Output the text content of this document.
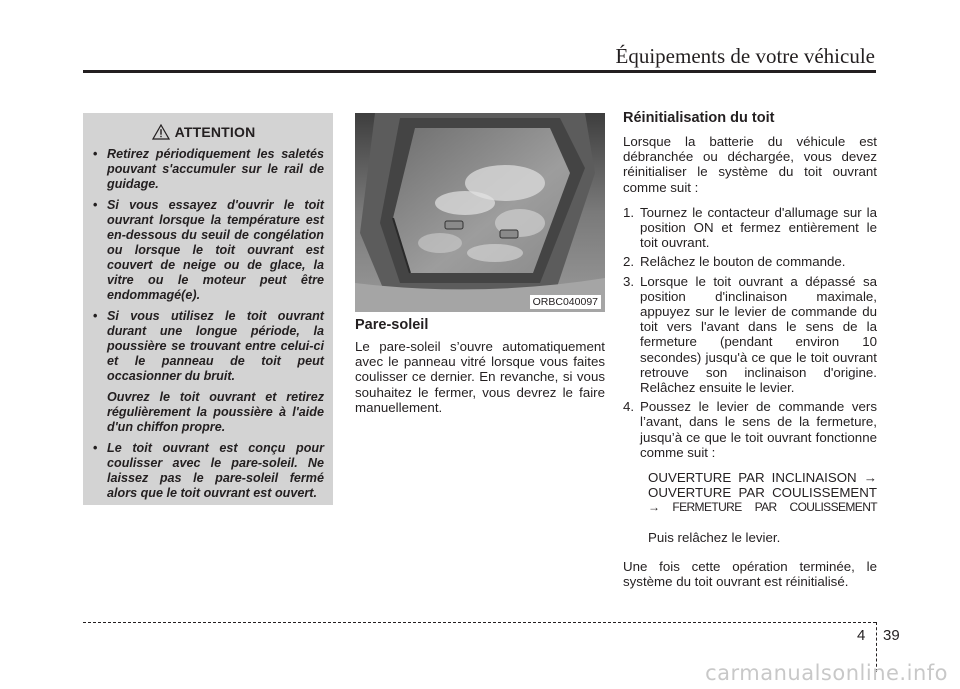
Équipements de votre véhicule
ATTENTION
• Retirez périodiquement les saletés pouvant s'accumuler sur le rail de guidage.

• Si vous essayez d'ouvrir le toit ouvrant lorsque la température est en-dessous du seuil de congélation ou lorsque le toit ouvrant est couvert de neige ou de glace, la vitre ou le moteur peut être endommagé(e).

• Si vous utilisez le toit ouvrant durant une longue période, la poussière se trouvant entre celui-ci et le panneau de toit peut occasionner du bruit.

Ouvrez le toit ouvrant et retirez régulièrement la poussière à l'aide d'un chiffon propre.

• Le toit ouvrant est conçu pour coulisser avec le pare-soleil. Ne laissez pas le pare-soleil fermé alors que le toit ouvrant est ouvert.

ORBC040097
Pare-soleil

Le pare-soleil s’ouvre automatiquement avec le panneau vitré lorsque vous faites coulisser ce dernier. En revanche, si vous souhaitez le fermer, vous devrez le faire manuellement.

Réinitialisation du toit

Lorsque la batterie du véhicule est débranchée ou déchargée, vous devez réinitialiser le système du toit ouvrant comme suit :

1. Tournez le contacteur d'allumage sur la position ON et fermez entièrement le toit ouvrant.
2. Relâchez le bouton de commande.
3. Lorsque le toit ouvrant a dépassé sa position d'inclinaison maximale, appuyez sur le levier de commande du toit vers l'avant dans le sens de la fermeture (pendant environ 10 secondes) jusqu'à ce que le toit ouvrant retrouve son inclinaison d'origine. Relâchez ensuite le levier.
4. Poussez le levier de commande vers l’avant, dans le sens de la fermeture, jusqu’à ce que le toit ouvrant fonctionne comme suit :
OUVERTURE PAR INCLINAISON →
OUVERTURE PAR COULISSEMENT
→ FERMETURE PAR COULISSEMENT

Puis relâchez le levier.

Une fois cette opération terminée, le système du toit ouvrant est réinitialisé.

4 39
carmanualsonline.info
